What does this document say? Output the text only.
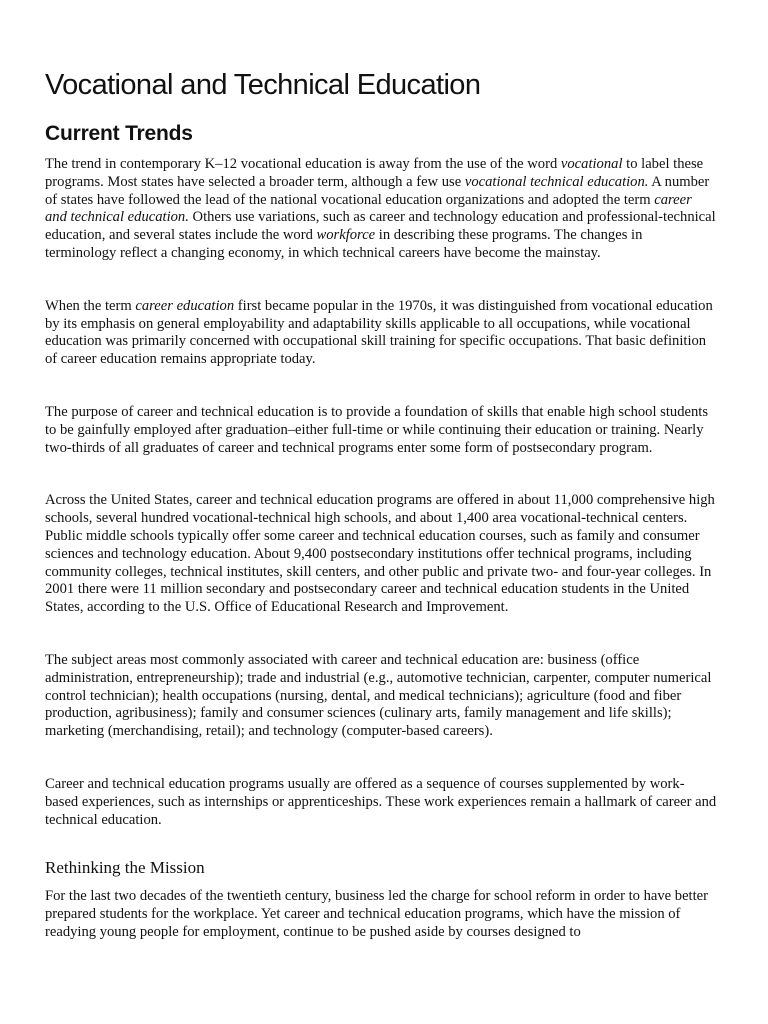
Vocational and Technical Education
Current Trends

The trend in contemporary K–12 vocational education is away from the use of the word vocational to label these programs. Most states have selected a broader term, although a few use vocational technical education. A number of states have followed the lead of the national vocational education organizations and adopted the term career and technical education. Others use variations, such as career and technology education and professional-technical education, and several states include the word workforce in describing these programs. The changes in terminology reflect a changing economy, in which technical careers have become the mainstay.

When the term career education first became popular in the 1970s, it was distinguished from vocational education by its emphasis on general employability and adaptability skills applicable to all occupations, while vocational education was primarily concerned with occupational skill training for specific occupations. That basic definition of career education remains appropriate today.

The purpose of career and technical education is to provide a foundation of skills that enable high school students to be gainfully employed after graduation–either full-time or while continuing their education or training. Nearly two-thirds of all graduates of career and technical programs enter some form of postsecondary program.

Across the United States, career and technical education programs are offered in about 11,000 comprehensive high schools, several hundred vocational-technical high schools, and about 1,400 area vocational-technical centers. Public middle schools typically offer some career and technical education courses, such as family and consumer sciences and technology education. About 9,400 postsecondary institutions offer technical programs, including community colleges, technical institutes, skill centers, and other public and private two- and four-year colleges. In 2001 there were 11 million secondary and postsecondary career and technical education students in the United States, according to the U.S. Office of Educational Research and Improvement.

The subject areas most commonly associated with career and technical education are: business (office administration, entrepreneurship); trade and industrial (e.g., automotive technician, carpenter, computer numerical control technician); health occupations (nursing, dental, and medical technicians); agriculture (food and fiber production, agribusiness); family and consumer sciences (culinary arts, family management and life skills); marketing (merchandising, retail); and technology (computer-based careers).

Career and technical education programs usually are offered as a sequence of courses supplemented by work-based experiences, such as internships or apprenticeships. These work experiences remain a hallmark of career and technical education.

Rethinking the Mission

For the last two decades of the twentieth century, business led the charge for school reform in order to have better prepared students for the workplace. Yet career and technical education programs, which have the mission of readying young people for employment, continue to be pushed aside by courses designed to
